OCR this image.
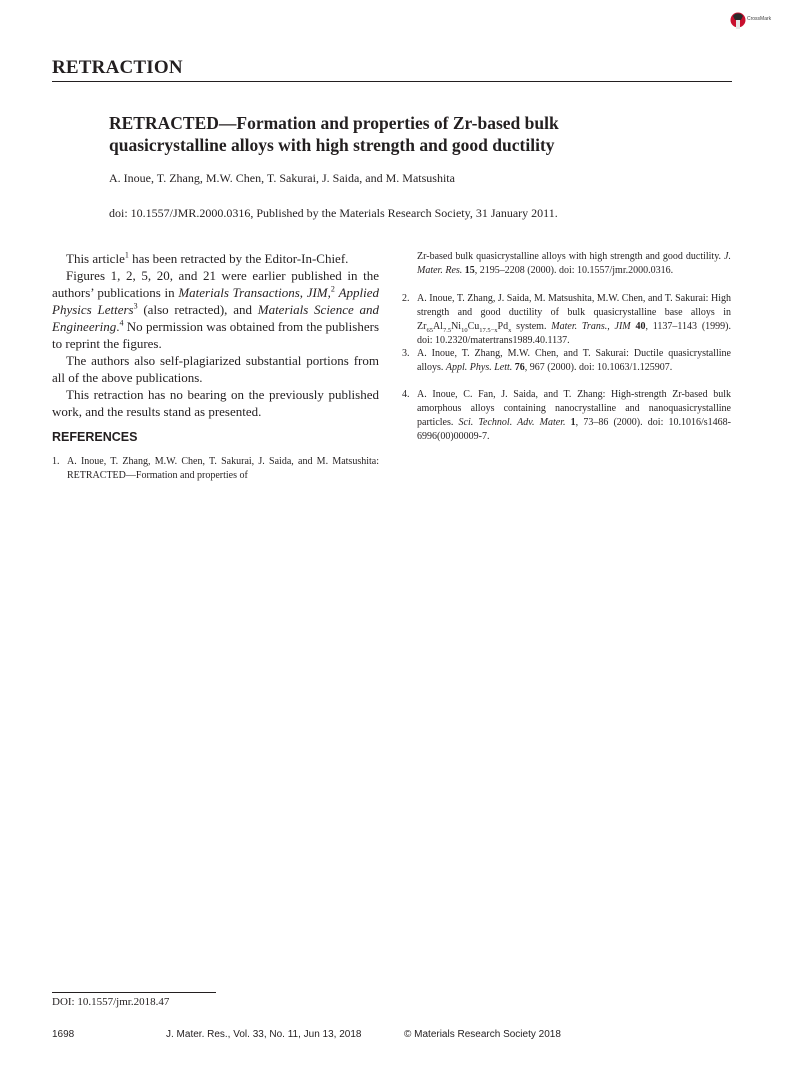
CrossMark
RETRACTION
RETRACTED—Formation and properties of Zr-based bulk
quasicrystalline alloys with high strength and good ductility
A. Inoue, T. Zhang, M.W. Chen, T. Sakurai, J. Saida, and M. Matsushita
doi: 10.1557/JMR.2000.0316, Published by the Materials Research Society, 31 January 2011.

This article$^1$ has been retracted by the Editor-In-Chief.

Figures 1, 2, 5, 20, and 21 were earlier published in the authors’ publications in Materials Transactions, JIM,$^2$ Applied Physics Letters$^3$ (also retracted), and Materials Science and Engineering.$^4$ No permission was obtained from the publishers to reprint the figures.

The authors also self-plagiarized substantial portions from all of the above publications.

This retraction has no bearing on the previously published work, and the results stand as presented.

REFERENCES
1. A. Inoue, T. Zhang, M.W. Chen, T. Sakurai, J. Saida, and M. Matsushita: RETRACTED—Formation and properties of
Zr-based bulk quasicrystalline alloys with high strength and good ductility. J. Mater. Res. 15, 2195–2208 (2000). doi: 10.1557/jmr.2000.0316.
2. A. Inoue, T. Zhang, J. Saida, M. Matsushita, M.W. Chen, and T. Sakurai: High strength and good ductility of bulk quasicrystalline base alloys in $Zr_{65}Al_{7.5}Ni_{10}Cu_{17.5-x}Pd_x$ system. Mater. Trans., JIM 40, 1137–1143 (1999). doi: 10.2320/matertrans1989.40.1137.
3. A. Inoue, T. Zhang, M.W. Chen, and T. Sakurai: Ductile quasicrystalline alloys. Appl. Phys. Lett. 76, 967 (2000). doi: 10.1063/1.125907.
4. A. Inoue, C. Fan, J. Saida, and T. Zhang: High-strength Zr-based bulk amorphous alloys containing nanocrystalline and nanoquasicrystalline particles. Sci. Technol. Adv. Mater. 1, 73–86 (2000). doi: 10.1016/s1468-6996(00)00009-7.
DOI: 10.1557/jmr.2018.47
1698	J. Mater. Res., Vol. 33, No. 11, Jun 13, 2018	© Materials Research Society 2018
